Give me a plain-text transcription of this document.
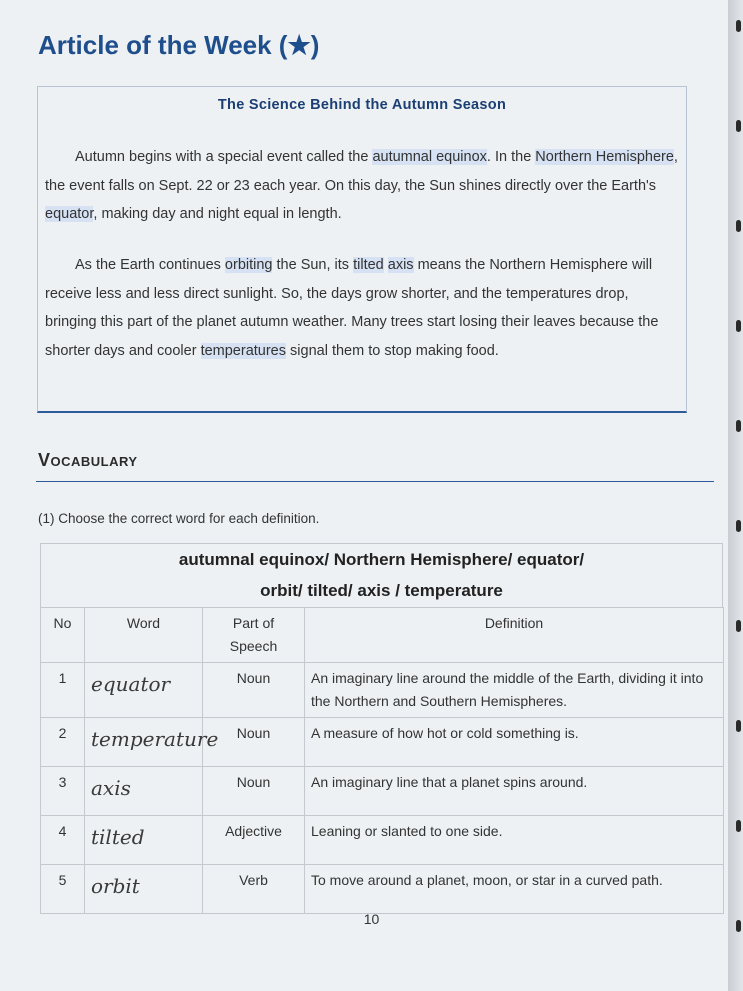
Article of the Week (★)
The Science Behind the Autumn Season

Autumn begins with a special event called the autumnal equinox. In the Northern Hemisphere, the event falls on Sept. 22 or 23 each year. On this day, the Sun shines directly over the Earth's equator, making day and night equal in length.

As the Earth continues orbiting the Sun, its tilted axis means the Northern Hemisphere will receive less and less direct sunlight. So, the days grow shorter, and the temperatures drop, bringing this part of the planet autumn weather. Many trees start losing their leaves because the shorter days and cooler temperatures signal them to stop making food.

Vocabulary

(1) Choose the correct word for each definition.

autumnal equinox/ Northern Hemisphere/ equator/
orbit/ tilted/ axis / temperature
No	Word	Part of Speech	Definition
1	equator	Noun	An imaginary line around the middle of the Earth, dividing it into the Northern and Southern Hemispheres.
2	temperature	Noun	A measure of how hot or cold something is.
3	axis	Noun	An imaginary line that a planet spins around.
4	tilted	Adjective	Leaning or slanted to one side.
5	orbit	Verb	To move around a planet, moon, or star in a curved path.

10
